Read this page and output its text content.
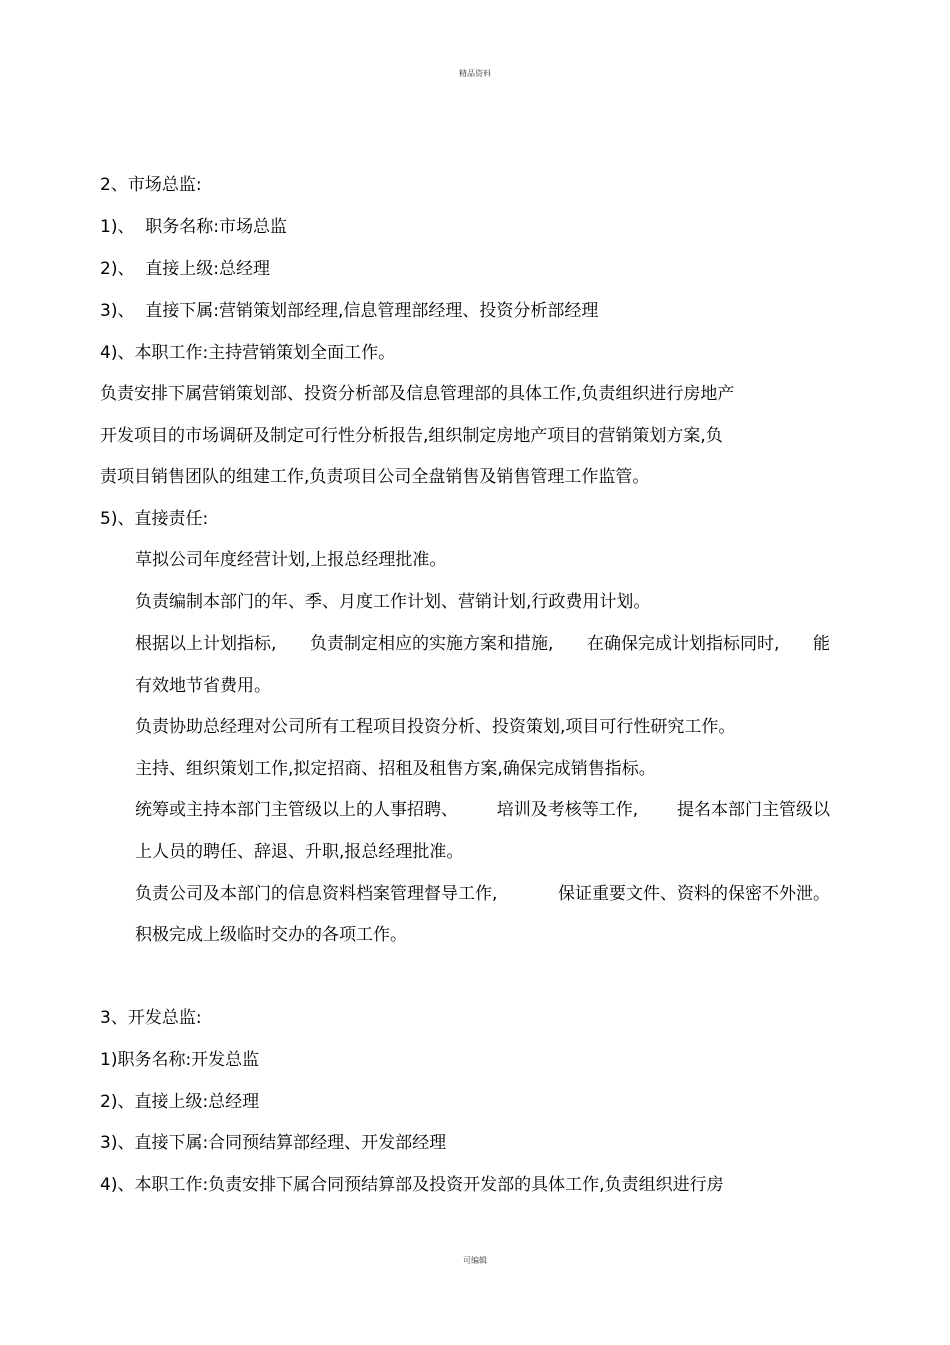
精品资料
2、市场总监:
1)、  职务名称:市场总监
2)、  直接上级:总经理
3)、  直接下属:营销策划部经理,信息管理部经理、投资分析部经理
4)、本职工作:主持营销策划全面工作。
负责安排下属营销策划部、投资分析部及信息管理部的具体工作,负责组织进行房地产
开发项目的市场调研及制定可行性分析报告,组织制定房地产项目的营销策划方案,负
责项目销售团队的组建工作,负责项目公司全盘销售及销售管理工作监管。
5)、直接责任:
草拟公司年度经营计划,上报总经理批准。
负责编制本部门的年、季、月度工作计划、营销计划,行政费用计划。
根据以上计划指标, 负责制定相应的实施方案和措施, 在确保完成计划指标同时, 能
有效地节省费用。
负责协助总经理对公司所有工程项目投资分析、投资策划,项目可行性研究工作。
主持、组织策划工作,拟定招商、招租及租售方案,确保完成销售指标。
统筹或主持本部门主管级以上的人事招聘、 培训及考核等工作, 提名本部门主管级以
上人员的聘任、辞退、升职,报总经理批准。
负责公司及本部门的信息资料档案管理督导工作,	保证重要文件、资料的保密不外泄。
积极完成上级临时交办的各项工作。
3、开发总监:
1)职务名称:开发总监
2)、直接上级:总经理
3)、直接下属:合同预结算部经理、开发部经理
4)、本职工作:负责安排下属合同预结算部及投资开发部的具体工作,负责组织进行房
可编辑
